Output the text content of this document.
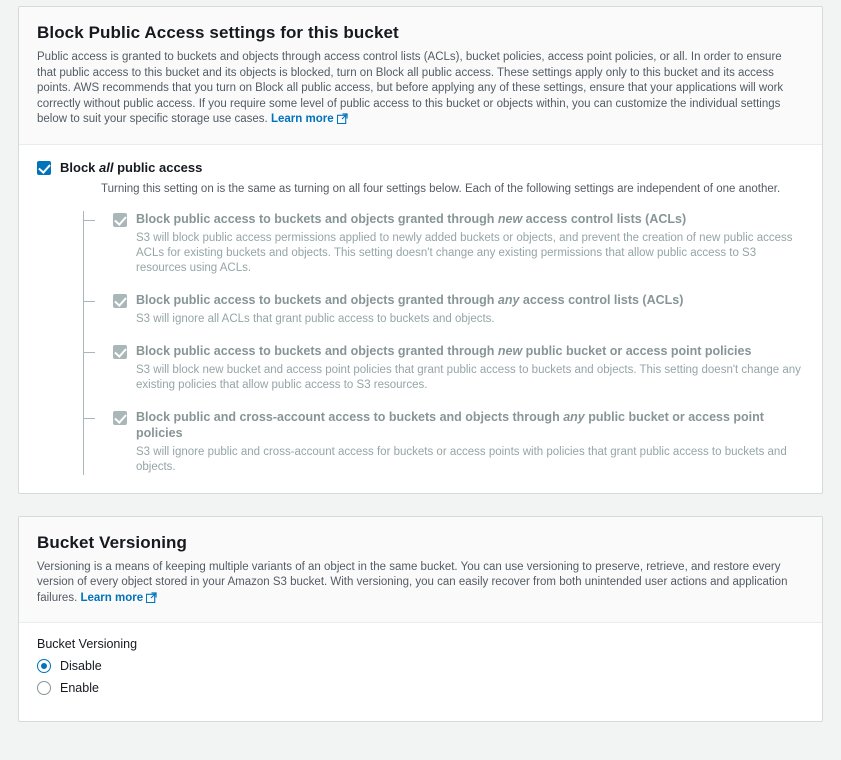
Block Public Access settings for this bucket

Public access is granted to buckets and objects through access control lists (ACLs), bucket policies, access point policies, or all. In order to ensure that public access to this bucket and its objects is blocked, turn on Block all public access. These settings apply only to this bucket and its access points. AWS recommends that you turn on Block all public access, but before applying any of these settings, ensure that your applications will work correctly without public access. If you require some level of public access to this bucket or objects within, you can customize the individual settings below to suit your specific storage use cases. Learn more

Block all public access
Turning this setting on is the same as turning on all four settings below. Each of the following settings are independent of one another.
Block public access to buckets and objects granted through new access control lists (ACLs)
S3 will block public access permissions applied to newly added buckets or objects, and prevent the creation of new public access ACLs for existing buckets and objects. This setting doesn't change any existing permissions that allow public access to S3 resources using ACLs.
Block public access to buckets and objects granted through any access control lists (ACLs)
S3 will ignore all ACLs that grant public access to buckets and objects.
Block public access to buckets and objects granted through new public bucket or access point policies
S3 will block new bucket and access point policies that grant public access to buckets and objects. This setting doesn't change any existing policies that allow public access to S3 resources.
Block public and cross-account access to buckets and objects through any public bucket or access point policies
S3 will ignore public and cross-account access for buckets or access points with policies that grant public access to buckets and objects.
Bucket Versioning

Versioning is a means of keeping multiple variants of an object in the same bucket. You can use versioning to preserve, retrieve, and restore every version of every object stored in your Amazon S3 bucket. With versioning, you can easily recover from both unintended user actions and application failures. Learn more

Bucket Versioning
Disable
Enable
